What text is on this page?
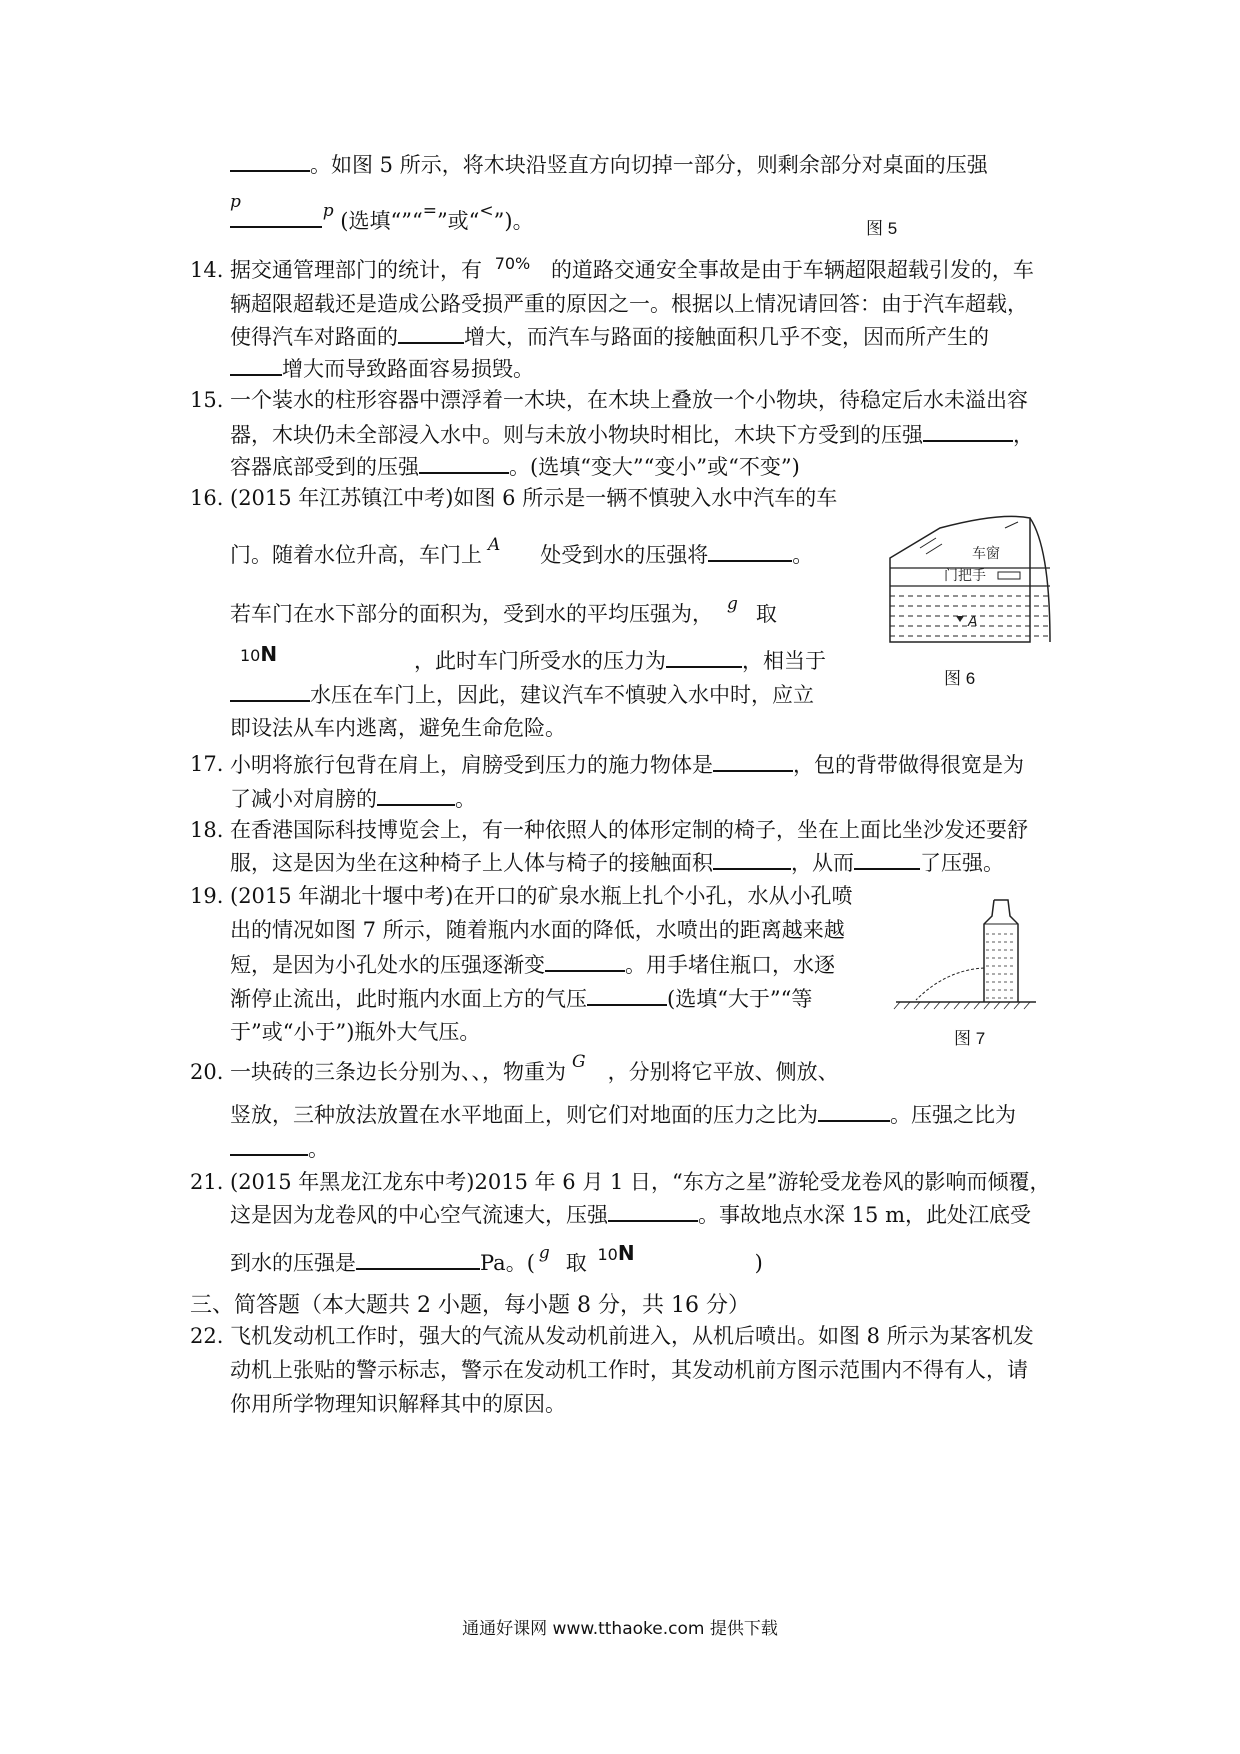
。如图 5 所示，将木块沿竖直方向切掉一部分，则剩余部分对桌面的压强
p	$^p$ (选填“”“=”或“<”)。	图 5
14. 据交通管理部门的统计，有 $^{70\%}$ 的道路交通安全事故是由于车辆超限超载引发的，车
辆超限超载还是造成公路受损严重的原因之一。根据以上情况请回答：由于汽车超载，
使得汽车对路面的	增大，而汽车与路面的接触面积几乎不变，因而所产生的
增大而导致路面容易损毁。
15. 一个装水的柱形容器中漂浮着一木块，在木块上叠放一个小物块，待稳定后水未溢出容
器，木块仍未全部浸入水中。则与未放小物块时相比，木块下方受到的压强	，
容器底部受到的压强	。(选填“变大”“变小”或“不变”)
16. (2015 年江苏镇江中考)如图 6 所示是一辆不慎驶入水中汽车的车
门。随着水位升高，车门上 $^A$ 处受到水的压强将	。
若车门在水下部分的面积为，受到水的平均压强为， $^g$ 取
10N	，此时车门所受水的压力为	，相当于
水压在车门上，因此，建议汽车不慎驶入水中时，应立
即设法从车内逃离，避免生命危险。
车窗
门把手
A
图 6
17. 小明将旅行包背在肩上，肩膀受到压力的施力物体是	，包的背带做得很宽是为
了减小对肩膀的	。
18. 在香港国际科技博览会上，有一种依照人的体形定制的椅子，坐在上面比坐沙发还要舒
服，这是因为坐在这种椅子上人体与椅子的接触面积	，从而	了压强。
19. (2015 年湖北十堰中考)在开口的矿泉水瓶上扎个小孔，水从小孔喷
出的情况如图 7 所示，随着瓶内水面的降低，水喷出的距离越来越
短，是因为小孔处水的压强逐渐变	。用手堵住瓶口，水逐
渐停止流出，此时瓶内水面上方的气压	(选填“大于”“等
于”或“小于”)瓶外大气压。	图 7
20. 一块砖的三条边长分别为、、，物重为 $^G$ ，分别将它平放、侧放、
竖放，三种放法放置在水平地面上，则它们对地面的压力之比为	。压强之比为
。
21. (2015 年黑龙江龙东中考)2015 年 6 月 1 日，“东方之星”游轮受龙卷风的影响而倾覆，
这是因为龙卷风的中心空气流速大，压强	。事故地点水深 15 m，此处江底受
到水的压强是	Pa。( $^g$ 取 $^{10N}$	)
三、简答题（本大题共 2 小题，每小题 8 分，共 16 分）
22. 飞机发动机工作时，强大的气流从发动机前进入，从机后喷出。如图 8 所示为某客机发
动机上张贴的警示标志，警示在发动机工作时，其发动机前方图示范围内不得有人，请
你用所学物理知识解释其中的原因。
通通好课网 www.tthaoke.com 提供下载
